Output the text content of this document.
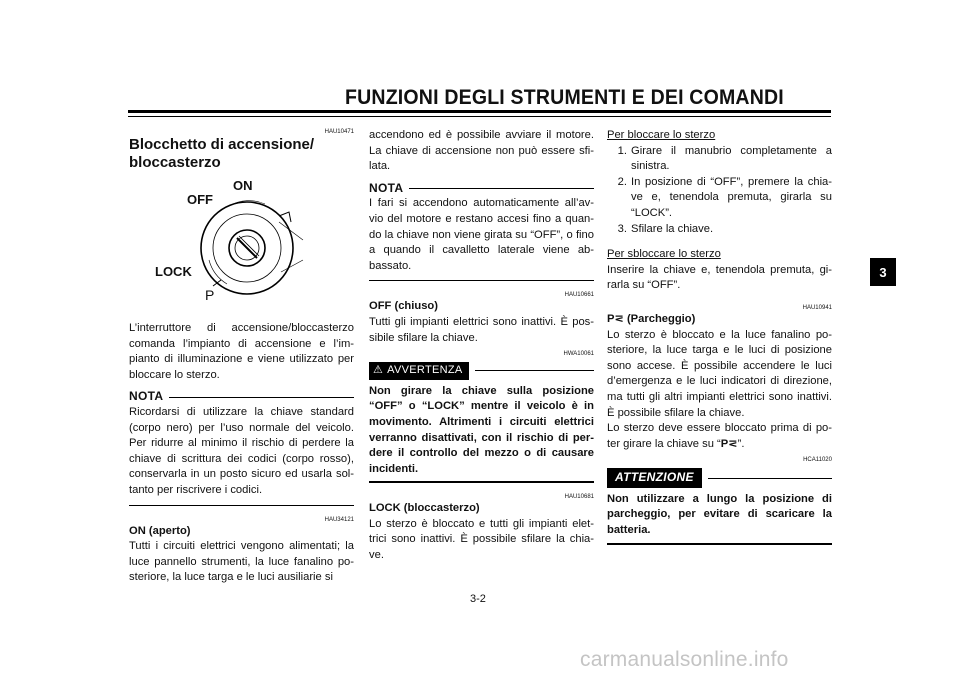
FUNZIONI DEGLI STRUMENTI E DEI COMANDI
HAU10471
Blocchetto di accensione/ bloccasterzo
OFF
ON
LOCK
P

L’interruttore di accensione/bloccasterzo comanda l’impianto di accensione e l’im-pianto di illuminazione e viene utilizzato per bloccare lo sterzo.

NOTA

Ricordarsi di utilizzare la chiave standard (corpo nero) per l’uso normale del veicolo. Per ridurre al minimo il rischio di perdere la chiave di scrittura dei codici (corpo rosso), conservarla in un posto sicuro ed usarla sol-tanto per riscrivere i codici.

HAU34121
ON (aperto)

Tutti i circuiti elettrici vengono alimentati; la luce pannello strumenti, la luce fanalino po-steriore, la luce targa e le luci ausiliarie si

accendono ed è possibile avviare il motore. La chiave di accensione non può essere sfi-lata.

NOTA

I fari si accendono automaticamente all’av-vio del motore e restano accesi fino a quan-do la chiave non viene girata su “OFF”, o fino a quando il cavalletto laterale viene ab-bassato.

HAU10661
OFF (chiuso)

Tutti gli impianti elettrici sono inattivi. È pos-sibile sfilare la chiave.

HWA10061
⚠ AVVERTENZA

Non girare la chiave sulla posizione “OFF” o “LOCK” mentre il veicolo è in movimento. Altrimenti i circuiti elettrici verranno disattivati, con il rischio di per-dere il controllo del mezzo o di causare incidenti.

HAU10681
LOCK (bloccasterzo)

Lo sterzo è bloccato e tutti gli impianti elet-trici sono inattivi. È possibile sfilare la chia-ve.

Per bloccare lo sterzo
1. Girare il manubrio completamente a sinistra.
2. In posizione di “OFF”, premere la chia-ve e, tenendola premuta, girarla su “LOCK”.
3. Sfilare la chiave.
Per sbloccare lo sterzo

Inserire la chiave e, tenendola premuta, gi-rarla su “OFF”.

HAU10941
P⋜ (Parcheggio)

Lo sterzo è bloccato e la luce fanalino po-steriore, la luce targa e le luci di posizione sono accese. È possibile accendere le luci d’emergenza e le luci indicatori di direzione, ma tutti gli altri impianti elettrici sono inattivi. È possibile sfilare la chiave.

Lo sterzo deve essere bloccato prima di po-ter girare la chiave su “P⋜”.

HCA11020
ATTENZIONE

Non utilizzare a lungo la posizione di parcheggio, per evitare di scaricare la batteria.

3-2
3
carmanualsonline.info
